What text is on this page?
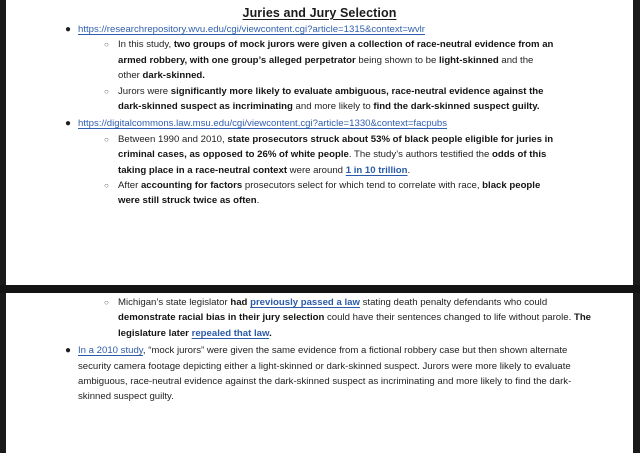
Juries and Jury Selection
● https://researchrepository.wvu.edu/cgi/viewcontent.cgi?article=1315&context=wvlr
○ In this study, two groups of mock jurors were given a collection of race-neutral evidence from an armed robbery, with one group’s alleged perpetrator being shown to be light-skinned and the other dark-skinned.
○ Jurors were significantly more likely to evaluate ambiguous, race-neutral evidence against the dark-skinned suspect as incriminating and more likely to find the dark-skinned suspect guilty.
● https://digitalcommons.law.msu.edu/cgi/viewcontent.cgi?article=1330&context=facpubs
○ Between 1990 and 2010, state prosecutors struck about 53% of black people eligible for juries in criminal cases, as opposed to 26% of white people. The study’s authors testified the odds of this taking place in a race-neutral context were around 1 in 10 trillion.
○ After accounting for factors prosecutors select for which tend to correlate with race, black people were still struck twice as often.
○ Michigan’s state legislator had previously passed a law stating death penalty defendants who could demonstrate racial bias in their jury selection could have their sentences changed to life without parole. The legislature later repealed that law.
● In a 2010 study, “mock jurors” were given the same evidence from a fictional robbery case but then shown alternate security camera footage depicting either a light-skinned or dark-skinned suspect. Jurors were more likely to evaluate ambiguous, race-neutral evidence against the dark-skinned suspect as incriminating and more likely to find the dark-skinned suspect guilty.
